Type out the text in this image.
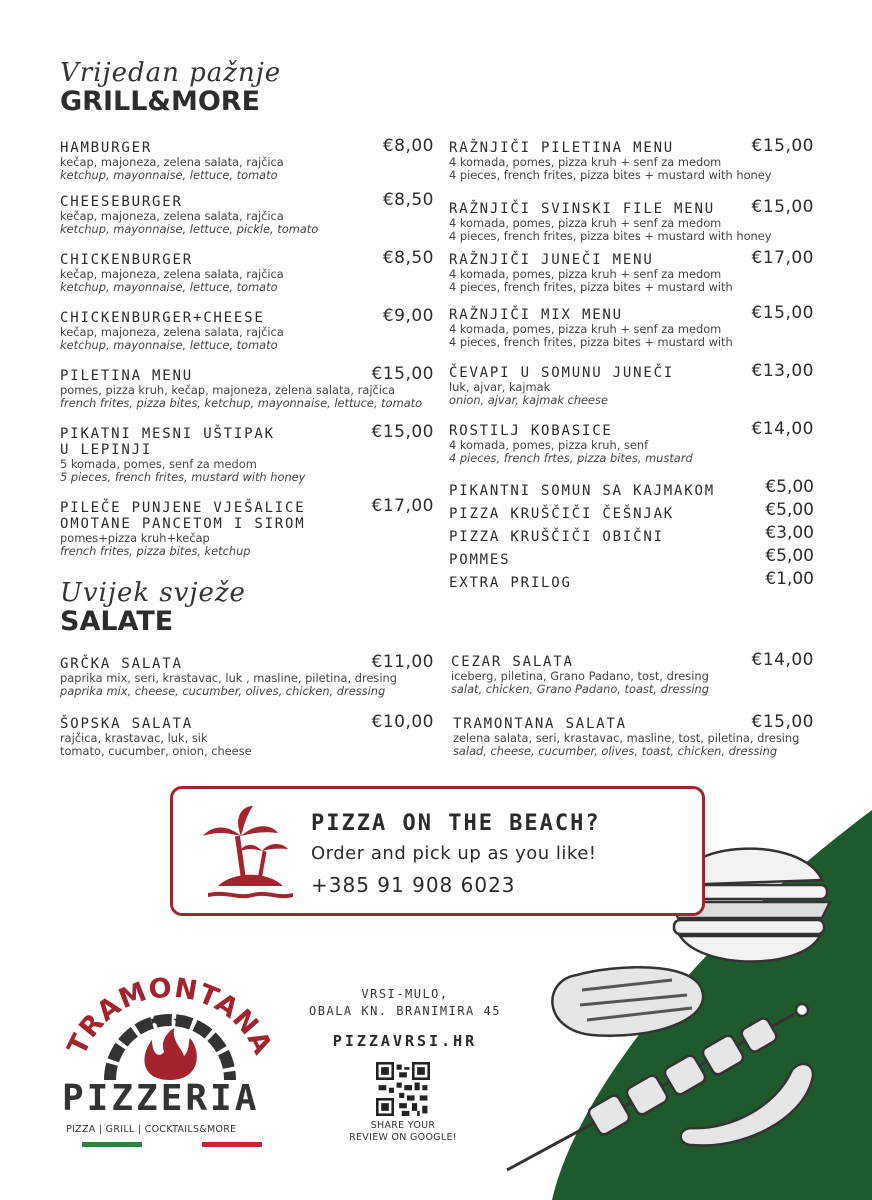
Vrijedan pažnje
GRILL&MORE
HAMBURGER	€8,00
kečap, majoneza, zelena salata, rajčica
ketchup, mayonnaise, lettuce, tomato
CHEESEBURGER	€8,50
kečap, majoneza, zelena salata, rajčica
ketchup, mayonnaise, lettuce, pickle, tomato
CHICKENBURGER	€8,50
kečap, majoneza, zelena salata, rajčica
ketchup, mayonnaise, lettuce, tomato
CHICKENBURGER+CHEESE	€9,00
kečap, majoneza, zelena salata, rajčica
ketchup, mayonnaise, lettuce, tomato
PILETINA MENU	€15,00
pomes, pizza kruh, kečap, majoneza, zelena salata, rajčica
french frites, pizza bites, ketchup, mayonnaise, lettuce, tomato
PIKATNI MESNI UŠTIPAK
U LEPINJI
€15,00
5 komada, pomes, senf za medom
5 pieces, french frites, mustard with honey
PILEČE PUNJENE VJEŠALICE
OMOTANE PANCETOM I SIROM
€17,00
pomes+pizza kruh+kečap
french frites, pizza bites, ketchup
RAŽNJIČI PILETINA MENU	€15,00
4 komada, pomes, pizza kruh + senf za medom
4 pieces, french frites, pizza bites + mustard with honey
RAŽNJIČI SVINSKI FILE MENU	€15,00
4 komada, pomes, pizza kruh + senf za medom
4 pieces, french frites, pizza bites + mustard with honey
RAŽNJIČI JUNEČI MENU	€17,00
4 komada, pomes, pizza kruh + senf za medom
4 pieces, french frites, pizza bites + mustard with
RAŽNJIČI MIX MENU	€15,00
4 komada, pomes, pizza kruh + senf za medom
4 pieces, french frites, pizza bites + mustard with
ČEVAPI U SOMUNU JUNEČI	€13,00
luk, ajvar, kajmak
onion, ajvar, kajmak cheese
ROSTILJ KOBASICE	€14,00
4 komada, pomes, pizza kruh, senf
4 pieces, french frtes, pizza bites, mustard
PIKANTNI SOMUN SA KAJMAKOM	€5,00
PIZZA KRUŠČIČI ČEŠNJAK	€5,00
PIZZA KRUŠČIČI OBIČNI	€3,00
POMMES	€5,00
EXTRA PRILOG	€1,00
Uvijek svježe
SALATE
GRČKA SALATA	€11,00
paprika mix, seri, krastavac, luk , masline, piletina, dresing
paprika mix, cheese, cucumber, olives, chicken, dressing
ŠOPSKA SALATA	€10,00
rajčica, krastavac, luk, sik
tomato, cucumber, onion, cheese
CEZAR SALATA	€14,00
iceberg, piletina, Grano Padano, tost, dresing
salat, chicken, Grano Padano, toast, dressing
TRAMONTANA SALATA	€15,00
zelena salata, seri, krastavac, masline, tost, piletina, dresing
salad, cheese, cucumber, olives, toast, chicken, dressing
PIZZA ON THE BEACH?
Order and pick up as you like!
+385 91 908 6023
TRAMONTANA
★ ★
★
PIZZERIA
PIZZA | GRILL | COCKTAILS&MORE
VRSI-MULO,
OBALA KN. BRANIMIRA 45
PIZZAVRSI.HR
SHARE YOUR
REVIEW ON GOOGLE!
